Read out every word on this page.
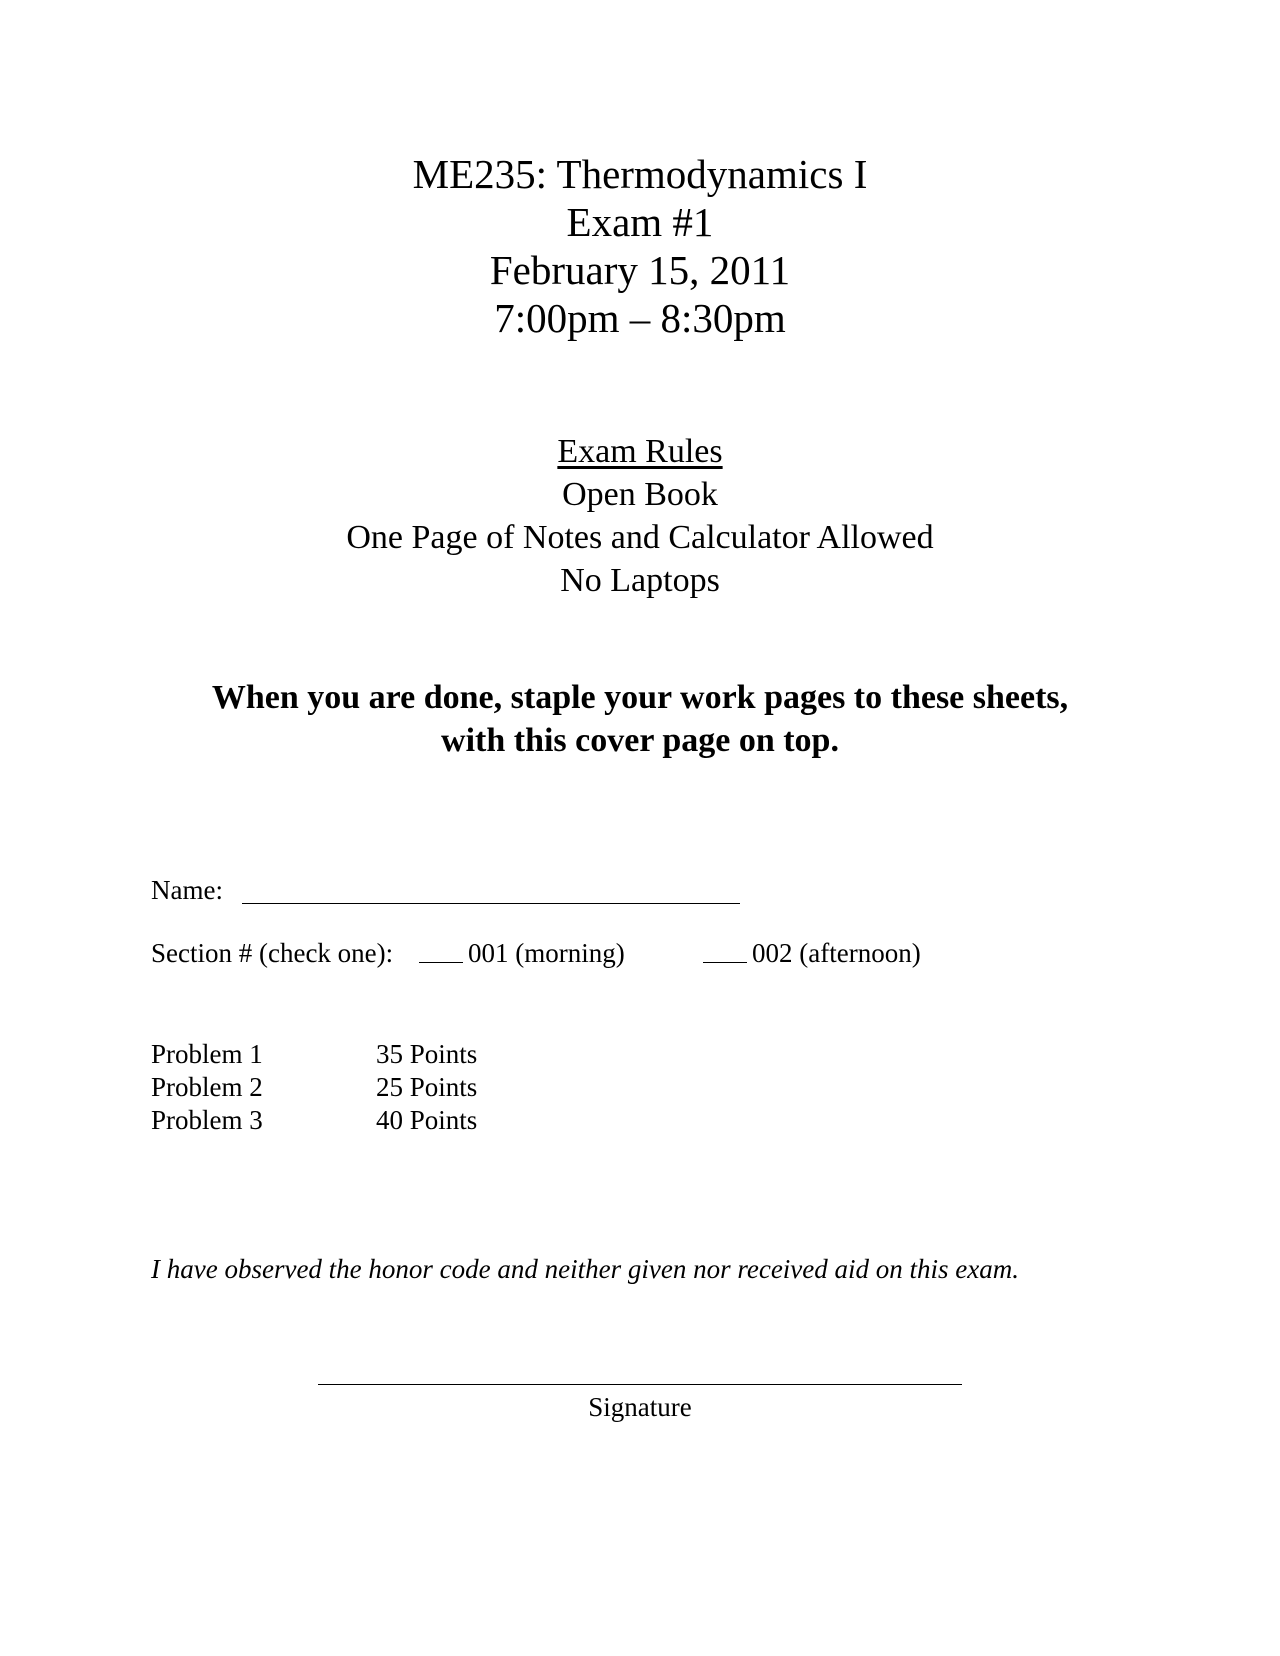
ME235: Thermodynamics I
Exam #1
February 15, 2011
7:00pm – 8:30pm
Exam Rules
Open Book
One Page of Notes and Calculator Allowed
No Laptops
When you are done, staple your work pages to these sheets,
with this cover page on top.
Name:
Section # (check one):	001 (morning)	002 (afternoon)
Problem 1	35 Points
Problem 2	25 Points
Problem 3	40 Points
I have observed the honor code and neither given nor received aid on this exam.
Signature
